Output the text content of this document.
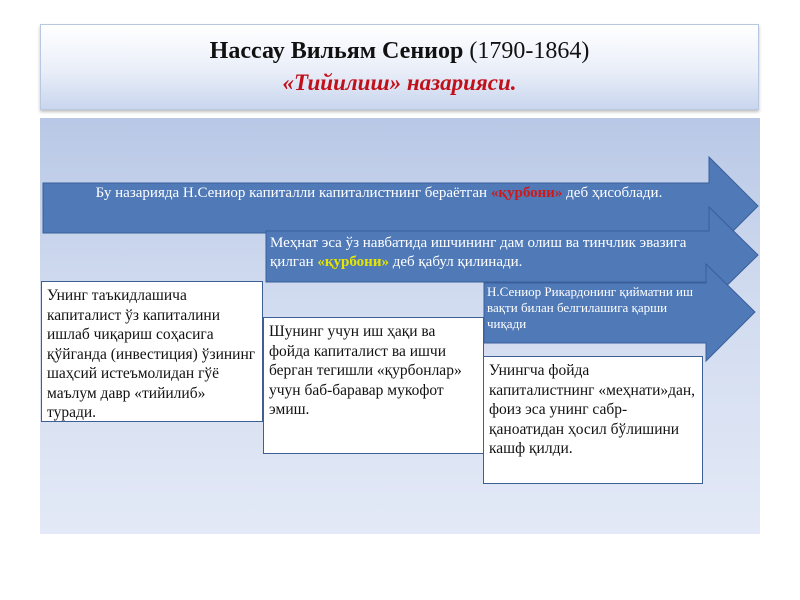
Нассау Вильям Сениор (1790-1864)
«Тийилиш» назарияси.
Бу назарияда Н.Сениор капиталли капиталистнинг бераётган «қурбони» деб ҳисоблади.
Меҳнат эса ўз навбатида ишчининг дам олиш ва тинчлик эвазига қилган «қурбони» деб қабул қилинади.
Н.Сениор Рикардонинг қийматни иш вақти билан белгилашига қарши чиқади
Унинг таъкидлашича капиталист ўз капиталини ишлаб чиқариш соҳасига қўйганда (инвестиция) ўзининг шаҳсий истеъмолидан гўё маълум давр «тийилиб» туради.
Шунинг учун иш ҳақи ва фойда капиталист ва ишчи берган тегишли «қурбонлар» учун баб-баравар мукофот эмиш.
Унингча фойда капиталистнинг «меҳнати»дан, фоиз эса унинг сабр-қаноатидан ҳосил бўлишини кашф қилди.
